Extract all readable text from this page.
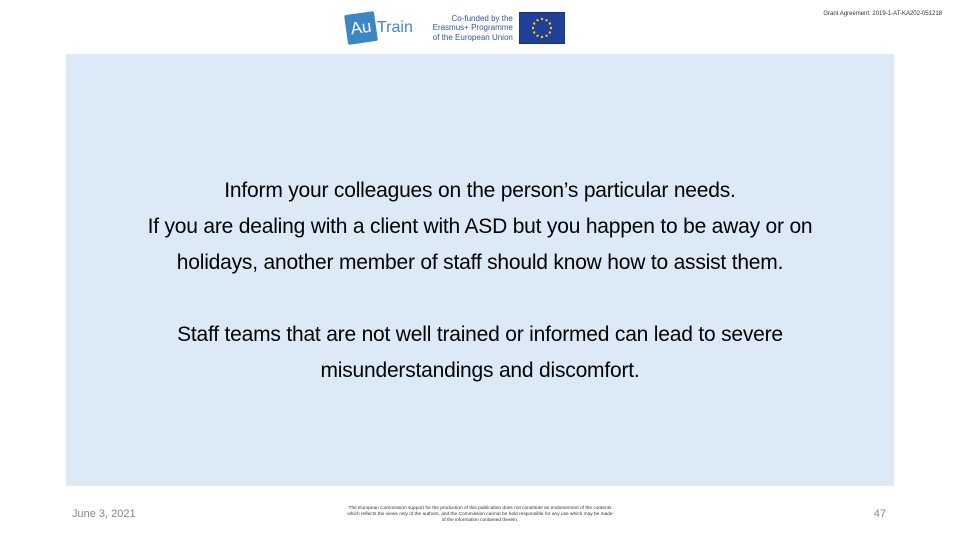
Grant Agreement: 2019-1-AT-KA202-051218
Au Train
Co-funded by the
Erasmus+ Programme
of the European Union

Inform your colleagues on the person’s particular needs.

If you are dealing with a client with ASD but you happen to be away or on

holidays, another member of staff should know how to assist them.

Staff teams that are not well trained or informed can lead to severe

misunderstandings and discomfort.

June 3, 2021	The European Commission support for the production of this publication does not constitute an endorsement of the contents
which reflects the views only of the authors, and the Commission cannot be held responsible for any use which may be made
of the information contained therein.
47
